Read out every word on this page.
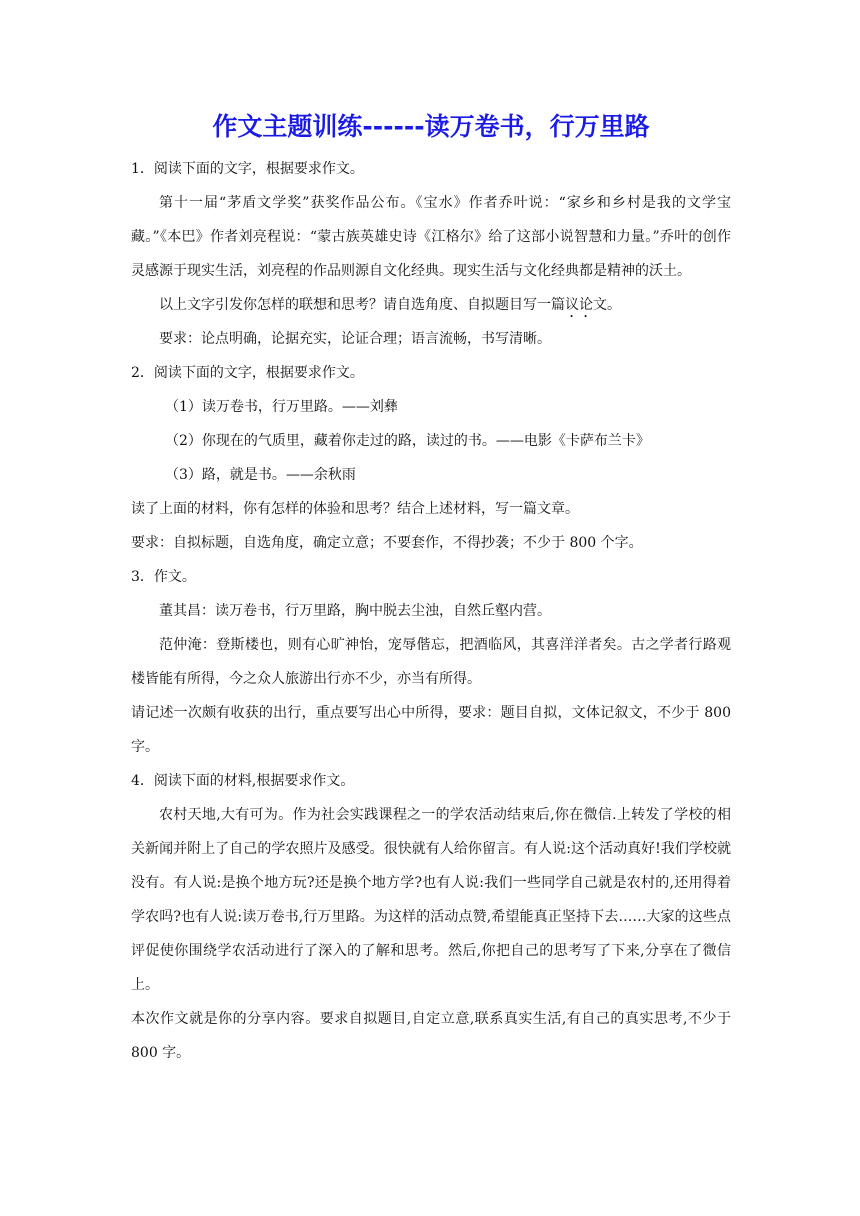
作文主题训练------读万卷书，行万里路

1．阅读下面的文字，根据要求作文。

第十一届“茅盾文学奖”获奖作品公布。《宝水》作者乔叶说：“家乡和乡村是我的文学宝藏。”《本巴》作者刘亮程说：“蒙古族英雄史诗《江格尔》给了这部小说智慧和力量。”乔叶的创作灵感源于现实生活，刘亮程的作品则源自文化经典。现实生活与文化经典都是精神的沃土。

以上文字引发你怎样的联想和思考？请自选角度、自拟题目写一篇议论文。

要求：论点明确，论据充实，论证合理；语言流畅，书写清晰。

2．阅读下面的文字，根据要求作文。

（1）读万卷书，行万里路。——刘彝

（2）你现在的气质里，藏着你走过的路，读过的书。——电影《卡萨布兰卡》

（3）路，就是书。——余秋雨

读了上面的材料，你有怎样的体验和思考？结合上述材料，写一篇文章。

要求：自拟标题，自选角度，确定立意；不要套作，不得抄袭；不少于 800 个字。

3．作文。

董其昌：读万卷书，行万里路，胸中脱去尘浊，自然丘壑内营。

范仲淹：登斯楼也，则有心旷神怡，宠辱偕忘，把酒临风，其喜洋洋者矣。古之学者行路观楼皆能有所得，今之众人旅游出行亦不少，亦当有所得。

请记述一次颇有收获的出行，重点要写出心中所得，要求：题目自拟，文体记叙文，不少于 800 字。

4．阅读下面的材料,根据要求作文。

农村天地,大有可为。作为社会实践课程之一的学农活动结束后,你在微信.上转发了学校的相关新闻并附上了自己的学农照片及感受。很快就有人给你留言。有人说:这个活动真好!我们学校就没有。有人说:是换个地方玩?还是换个地方学?也有人说:我们一些同学自己就是农村的,还用得着学农吗?也有人说:读万卷书,行万里路。为这样的活动点赞,希望能真正坚持下去……大家的这些点评促使你围绕学农活动进行了深入的了解和思考。然后,你把自己的思考写了下来,分享在了微信上。

本次作文就是你的分享内容。要求自拟题目,自定立意,联系真实生活,有自己的真实思考,不少于 800 字。
